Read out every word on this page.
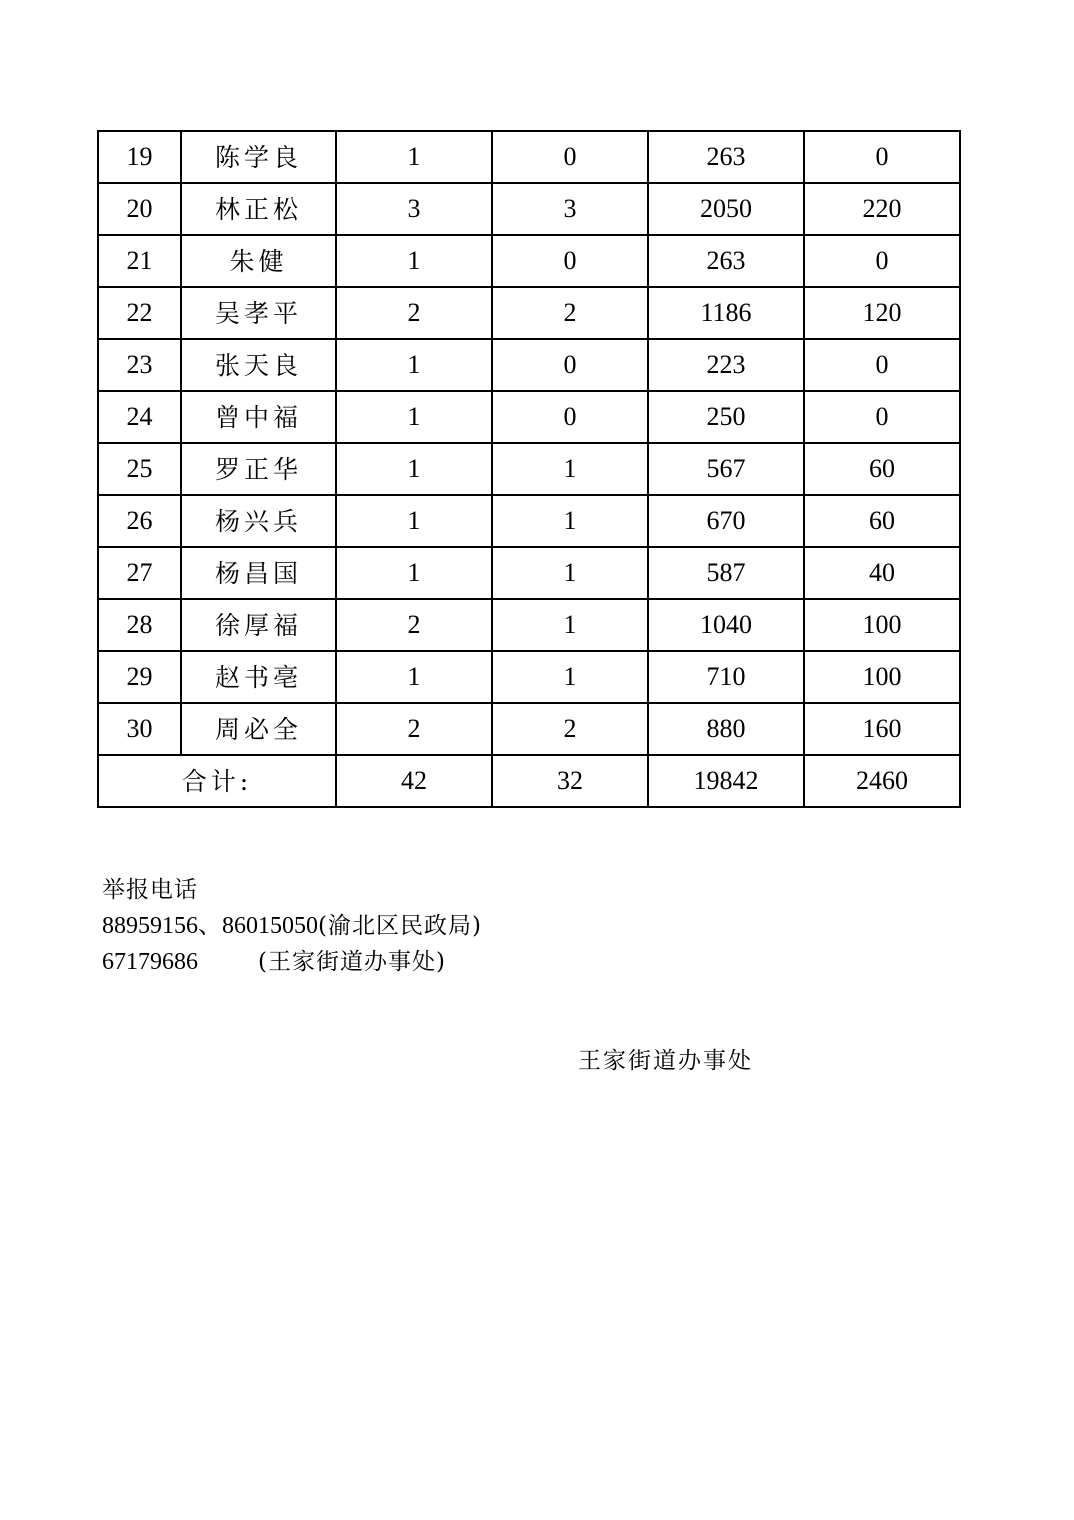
19	陈学良	1	0	263	0
20	林正松	3	3	2050	220
21	朱健	1	0	263	0
22	吴孝平	2	2	1186	120
23	张天良	1	0	223	0
24	曾中福	1	0	250	0
25	罗正华	1	1	567	60
26	杨兴兵	1	1	670	60
27	杨昌国	1	1	587	40
28	徐厚福	2	1	1040	100
29	赵书亳	1	1	710	100
30	周必全	2	2	880	160
合计:		42	32	19842	2460
举报电话
88959156、86015050(渝北区民政局)
67179686	(王家街道办事处)
王家街道办事处
